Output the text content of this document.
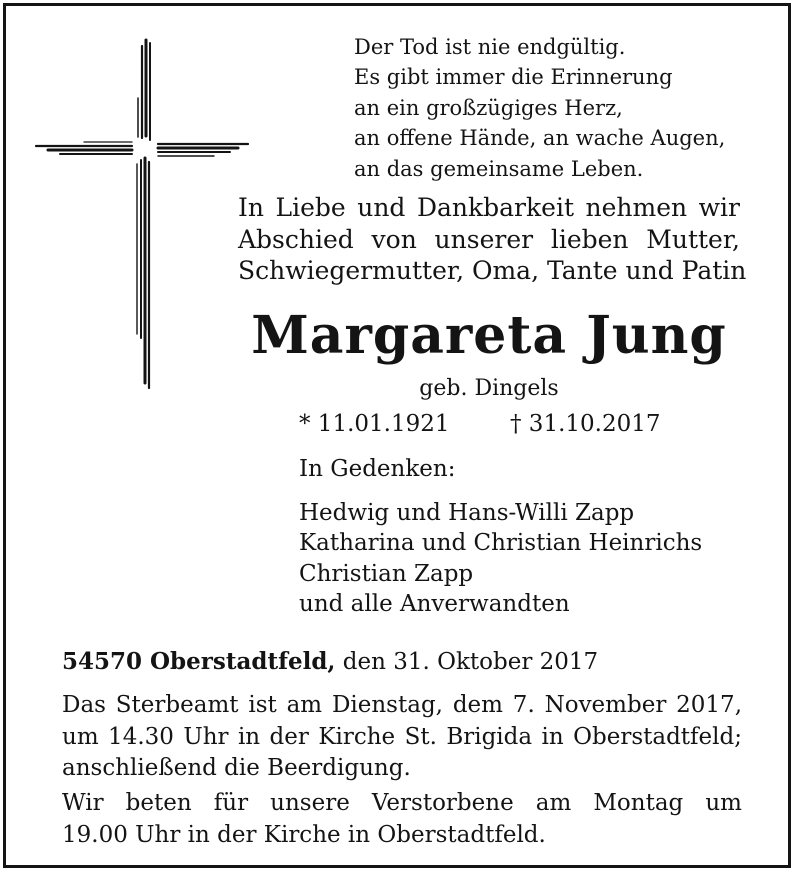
Der Tod ist nie endgültig.
Es gibt immer die Erinnerung
an ein großzügiges Herz,
an offene Hände, an wache Augen,
an das gemeinsame Leben.
In Liebe und Dankbarkeit nehmen wir
Abschied von unserer lieben Mutter,
Schwiegermutter, Oma, Tante und Patin
Margareta Jung
geb. Dingels
* 11.01.1921	† 31.10.2017
In Gedenken:
Hedwig und Hans-Willi Zapp
Katharina und Christian Heinrichs
Christian Zapp
und alle Anverwandten
54570 Oberstadtfeld, den 31. Oktober 2017
Das Sterbeamt ist am Dienstag, dem 7. November 2017,
um 14.30 Uhr in der Kirche St. Brigida in Oberstadtfeld;
anschließend die Beerdigung.
Wir beten für unsere Verstorbene am Montag um
19.00 Uhr in der Kirche in Oberstadtfeld.
